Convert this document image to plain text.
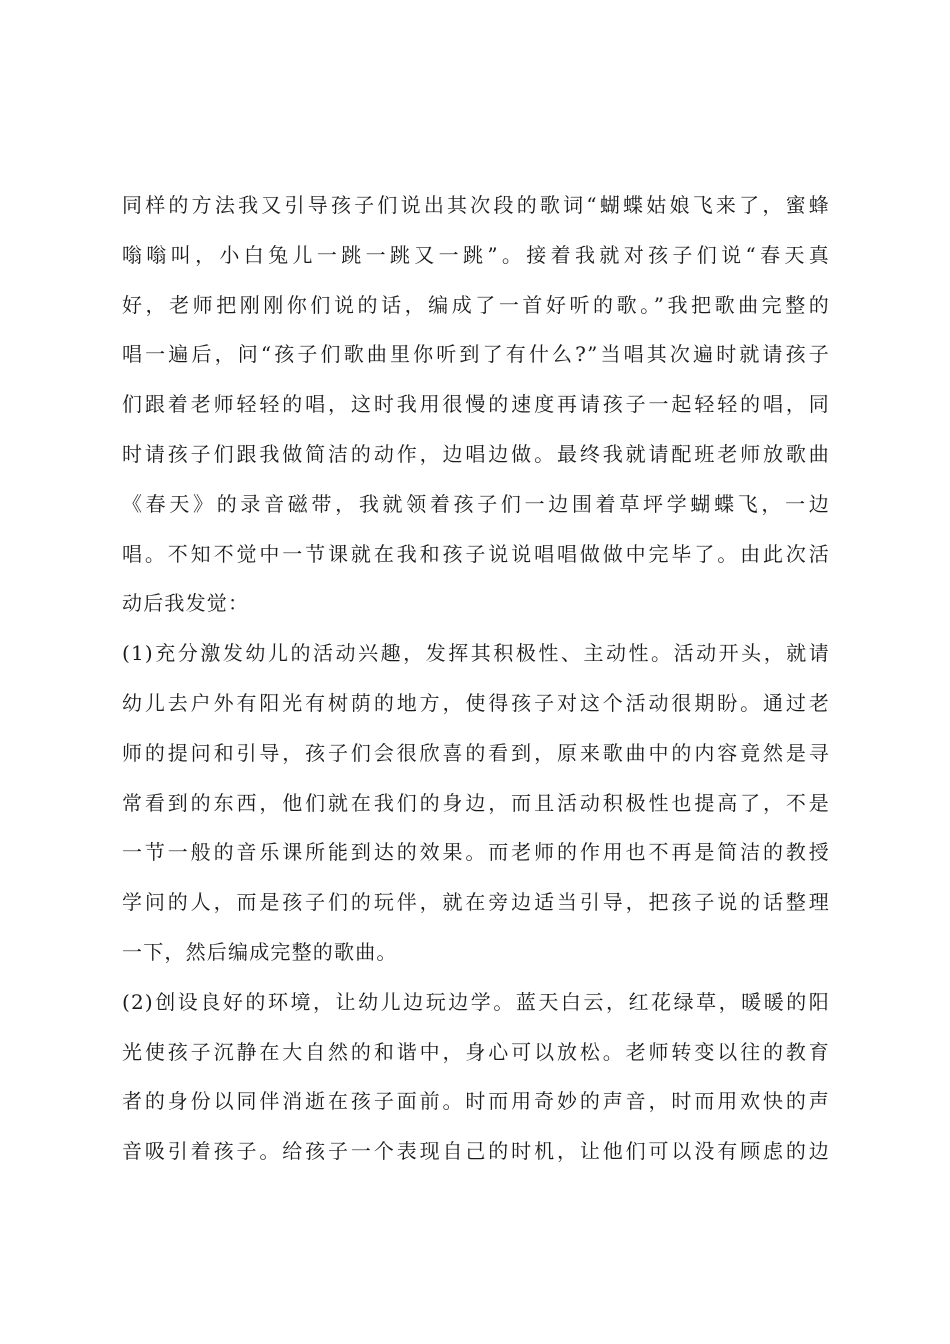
同样的方法我又引导孩子们说出其次段的歌词“蝴蝶姑娘飞来了，蜜蜂
嗡嗡叫，小白兔儿一跳一跳又一跳”。接着我就对孩子们说“春天真
好，老师把刚刚你们说的话，编成了一首好听的歌。”我把歌曲完整的
唱一遍后，问“孩子们歌曲里你听到了有什么?”当唱其次遍时就请孩子
们跟着老师轻轻的唱，这时我用很慢的速度再请孩子一起轻轻的唱，同
时请孩子们跟我做简洁的动作，边唱边做。最终我就请配班老师放歌曲
《春天》的录音磁带，我就领着孩子们一边围着草坪学蝴蝶飞，一边
唱。不知不觉中一节课就在我和孩子说说唱唱做做中完毕了。由此次活
动后我发觉：
(1)充分激发幼儿的活动兴趣，发挥其积极性、主动性。活动开头，就请
幼儿去户外有阳光有树荫的地方，使得孩子对这个活动很期盼。通过老
师的提问和引导，孩子们会很欣喜的看到，原来歌曲中的内容竟然是寻
常看到的东西，他们就在我们的身边，而且活动积极性也提高了，不是
一节一般的音乐课所能到达的效果。而老师的作用也不再是简洁的教授
学问的人，而是孩子们的玩伴，就在旁边适当引导，把孩子说的话整理
一下，然后编成完整的歌曲。
(2)创设良好的环境，让幼儿边玩边学。蓝天白云，红花绿草，暖暖的阳
光使孩子沉静在大自然的和谐中，身心可以放松。老师转变以往的教育
者的身份以同伴消逝在孩子面前。时而用奇妙的声音，时而用欢快的声
音吸引着孩子。给孩子一个表现自己的时机，让他们可以没有顾虑的边
